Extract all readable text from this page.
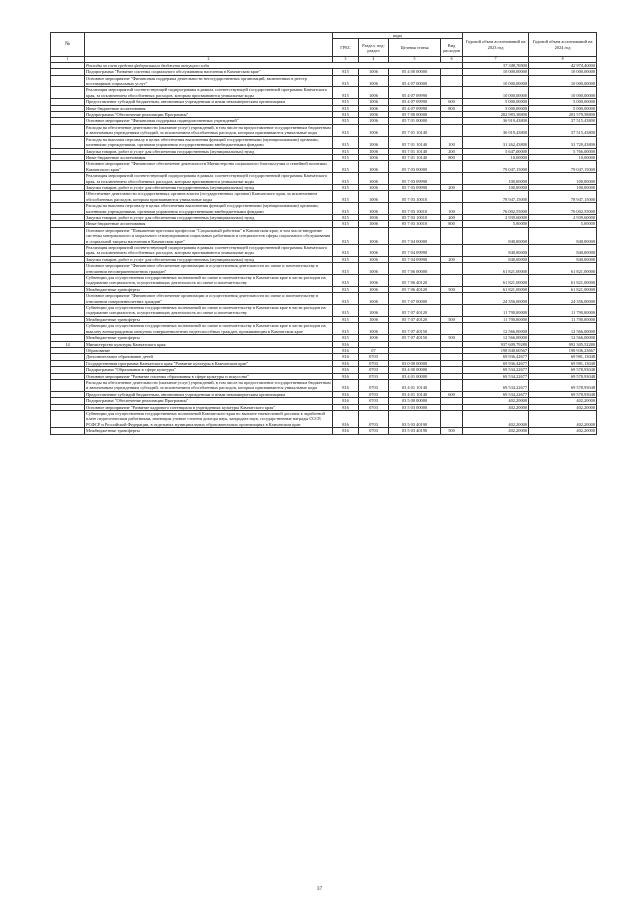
№		коды				Годовой объем ассигнований на 2023 год	Годовой объем ассигнований на 2024 год
		ГРБС	Раздел, под-раздел	Целевая статья	Вид расходов		
1	2	3	4	5	6	7	8
	Расходы за счет средств федерального бюджета текущего года					37 348,76900	42 974,40000
	Подпрограмма "Развитие системы социального обслуживания населения в Камчатском крае"	815	1006	05 4 00 00000		10 000,00000	10 000,00000
	Основное мероприятие "Финансовая поддержка деятельности негосударственных организаций, включенных в реестр поставщиков социальных услуг"	815	1006	05 4 07 00000		10 000,00000	10 000,00000
	Реализация мероприятий соответствующей подпрограммы в рамках соответствующей государственной программы Камчатского края, за исключением обособленных расходов, которым присваиваются уникальные коды	815	1006	05 4 07 09990		10 000,00000	10 000,00000
	Предоставление субсидий бюджетным, автономным учреждениям и иным некоммерческим организациям	815	1006	05 4 07 09990	600	5 000,00000	5 000,00000
	Иные бюджетные ассигнования	815	1006	05 4 07 09990	800	5 000,00000	5 000,00000
	Подпрограмма "Обеспечение реализации Программы"	815	1006	05 7 00 00000		202 983,38800	203 579,58800
	Основное мероприятие "Финансовая поддержка подведомственных учреждений"	815	1006	05 7 01 00000		36 919,43800	37 515,43800
	Расходы на обеспечение деятельности (оказание услуг) учреждений, в том числе на предоставление государственным бюджетным и автономным учреждениям субсидий, за исключением обособленных расходов, которым присваиваются уникальные коды	815	1006	05 7 01 10140		36 919,43800	37 515,43800
	Расходы на выплаты персоналу в целях обеспечения выполнения функций государственными (муниципальными) органами, казенными учреждениями, органами управления государственными внебюджетными фондами	815	1006	05 7 01 10140	100	31 262,43800	31 729,43800
	Закупка товаров, работ и услуг для обеспечения государственных (муниципальных) нужд	815	1006	05 7 01 10140	200	5 647,00000	5 766,00000
	Иные бюджетные ассигнования	815	1006	05 7 01 10140	800	10,00000	10,00000
	Основное мероприятие "Финансовое обеспечение деятельности Министерства социального благополучия и семейной политики Камчатского края"	815	1006	05 7 03 00000		79 047,15000	79 047,15000
	Реализация мероприятий соответствующей подпрограммы в рамках соответствующей государственной программы Камчатского края, за исключением обособленных расходов, которым присваиваются уникальные коды	815	1006	05 7 03 09990		100,00000	100,00000
	Закупка товаров, работ и услуг для обеспечения государственных (муниципальных) нужд	815	1006	05 7 03 09990	200	100,00000	100,00000
	Обеспечение деятельности государственных органов власти (государственных органов) Камчатского края, за исключением обособленных расходов, которым присваиваются уникальные коды	815	1006	05 7 03 10010		78 947,15000	78 947,15000
	Расходы на выплаты персоналу в целях обеспечения выполнения функций государственными (муниципальными) органами, казенными учреждениями, органами управления государственными внебюджетными фондами	815	1006	05 7 03 10010	100	76 002,55000	76 002,55000
	Закупка товаров, работ и услуг для обеспечения государственных (муниципальных) нужд	815	1006	05 7 03 10010	200	2 939,60000	2 939,60000
	Иные бюджетные ассигнования	815	1006	05 7 03 10010	800	5,00000	5,00000
	Основное мероприятие "Повышение престижа профессии "Социальный работник" в Камчатском крае, в том числе внедрение системы материального и морального стимулирования социальных работников и специалистов сферы социального обслуживания и социальной защиты населения в Камчатском крае"	815	1006	05 7 04 00000		840,00000	840,00000
	Реализация мероприятий соответствующей подпрограммы в рамках соответствующей государственной программы Камчатского края, за исключением обособленных расходов, которым присваиваются уникальные коды	815	1006	05 7 04 09990		840,00000	840,00000
	Закупка товаров, работ и услуг для обеспечения государственных (муниципальных) нужд	815	1006	05 7 04 09990	200	840,00000	840,00000
	Основное мероприятие "Финансовое обеспечение организации и осуществления деятельности по опеке и попечительству в отношении несовершеннолетних граждан"	815	1006	05 7 06 00000		61 821,00000	61 821,00000
	Субвенции для осуществления государственных полномочий по опеке и попечительству в Камчатском крае в части расходов на содержание специалистов, осуществляющих деятельность по опеке и попечительству	815	1006	05 7 06 40120		61 821,00000	61 821,00000
	Межбюджетные трансферты	815	1006	05 7 06 40120	500	61 821,00000	61 821,00000
	Основное мероприятие "Финансовое обеспечение организации и осуществления деятельности по опеке и попечительству в отношении совершеннолетних граждан"	815	1006	05 7 07 00000		24 356,00000	24 356,00000
	Субвенции для осуществления государственных полномочий по опеке и попечительству в Камчатском крае в части расходов на содержание специалистов, осуществляющих деятельность по опеке и попечительству	815	1006	05 7 07 40120		11 790,00000	11 790,00000
	Межбюджетные трансферты	815	1006	05 7 07 40120	500	11 790,00000	11 790,00000
	Субвенции для осуществления государственных полномочий по опеке и попечительству в Камчатском крае в части расходов на выплату вознаграждения опекунам совершеннолетних недееспособных граждан, проживающим в Камчатском крае	815	1006	05 7 07 40150		12 566,00000	12 566,00000
	Межбюджетные трансферты	815	1006	05 7 07 40150	500	12 566,00000	12 566,00000
14	Министерство культуры Камчатского края	816				937 609,79280	992 305,52280
	Образование	816	07			198 840,60567	198 936,23667
	Дополнительное образование детей	816	0703			69 936,42677	69 981,13048
	Государственная программа Камчатского края "Развитие культуры в Камчатском крае"	816	0703	03 0 00 00000		69 936,42677	69 981,13048
	Подпрограмма "Образование в сфере культуры"	816	0703	03 4 00 00000		69 534,22677	69 578,93048
	Основное мероприятие "Развитие системы образования в сфере культуры и искусства"	816	0703	03 4 01 00000		69 534,22677	69 578,93048
	Расходы на обеспечение деятельности (оказание услуг) учреждений, в том числе на предоставление государственным бюджетным и автономным учреждениям субсидий, за исключением обособленных расходов, которым присваиваются уникальные коды	816	0703	03 4 01 10140		69 534,22677	69 578,93048
	Предоставление субсидий бюджетным, автономным учреждениям и иным некоммерческим организациям	816	0703	03 4 01 10140	600	69 534,22677	69 578,93048
	Подпрограмма "Обеспечение реализации Программы"	816	0703	03 5 00 00000		402,20000	402,20000
	Основное мероприятие "Развитие кадрового потенциала в учреждениях культуры Камчатского края"	816	0703	03 5 03 00000		402,20000	402,20000
	Субвенции для осуществления государственных полномочий Камчатского края по выплате ежемесячной доплаты к заработной плате педагогическим работникам, имеющим ученые степени доктора наук, кандидата наук, государственные награды СССР, РСФСР и Российской Федерации, в отдельных муниципальных образовательных организациях в Камчатском крае	816	0703	03 5 03 40190		402,20000	402,20000
	Межбюджетные трансферты	816	0703	03 5 03 40190	500	402,20000	402,20000
37
